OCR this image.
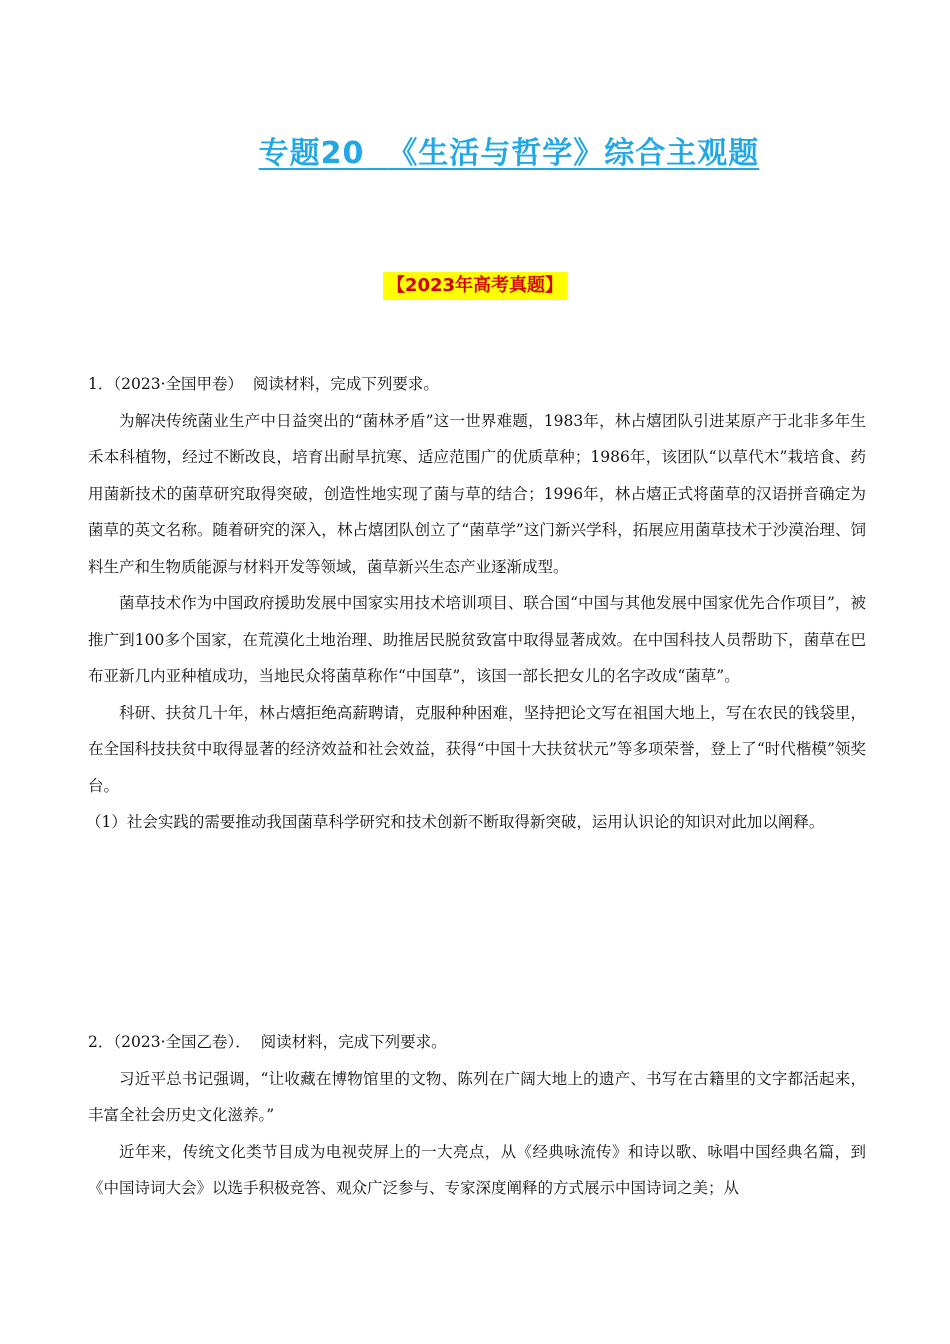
专题20 《生活与哲学》综合主观题
【2023年高考真题】

1．（2023·全国甲卷） 阅读材料，完成下列要求。

为解决传统菌业生产中日益突出的“菌林矛盾”这一世界难题，1983年，林占熺团队引进某原产于北非多年生禾本科植物，经过不断改良，培育出耐旱抗寒、适应范围广的优质草种；1986年，该团队“以草代木”栽培食、药用菌新技术的菌草研究取得突破，创造性地实现了菌与草的结合；1996年，林占熺正式将菌草的汉语拼音确定为菌草的英文名称。随着研究的深入，林占熺团队创立了“菌草学”这门新兴学科，拓展应用菌草技术于沙漠治理、饲料生产和生物质能源与材料开发等领域，菌草新兴生态产业逐渐成型。

菌草技术作为中国政府援助发展中国家实用技术培训项目、联合国“中国与其他发展中国家优先合作项目”，被推广到100多个国家，在荒漠化土地治理、助推居民脱贫致富中取得显著成效。在中国科技人员帮助下，菌草在巴布亚新几内亚种植成功，当地民众将菌草称作“中国草”，该国一部长把女儿的名字改成“菌草”。

科研、扶贫几十年，林占熺拒绝高薪聘请，克服种种困难，坚持把论文写在祖国大地上，写在农民的钱袋里，在全国科技扶贫中取得显著的经济效益和社会效益，获得“中国十大扶贫状元”等多项荣誉，登上了“时代楷模”领奖台。

（1）社会实践的需要推动我国菌草科学研究和技术创新不断取得新突破，运用认识论的知识对此加以阐释。

2．（2023·全国乙卷）． 阅读材料，完成下列要求。

习近平总书记强调，“让收藏在博物馆里的文物、陈列在广阔大地上的遗产、书写在古籍里的文字都活起来，丰富全社会历史文化滋养。”

近年来，传统文化类节目成为电视荧屏上的一大亮点，从《经典咏流传》和诗以歌、咏唱中国经典名篇，到《中国诗词大会》以选手积极竞答、观众广泛参与、专家深度阐释的方式展示中国诗词之美；从
